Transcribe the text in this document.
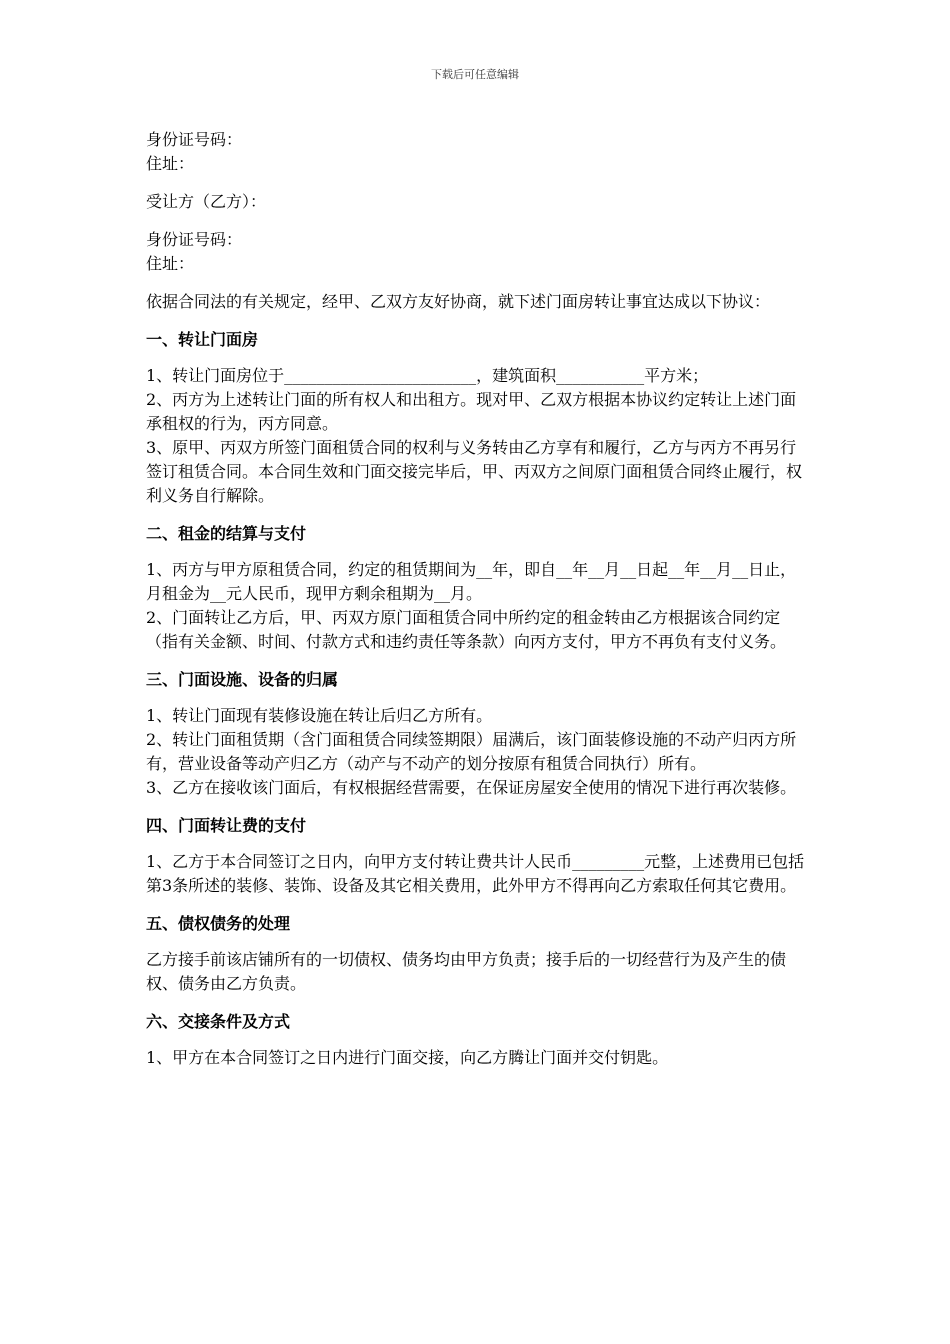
下载后可任意编辑

身份证号码：

住址：

受让方（乙方）：

身份证号码：

住址：

依据合同法的有关规定，经甲、乙双方友好协商，就下述门面房转让事宜达成以下协议：

一、转让门面房

1、转让门面房位于________________________，建筑面积___________平方米；

2、丙方为上述转让门面的所有权人和出租方。现对甲、乙双方根据本协议约定转让上述门面承租权的行为，丙方同意。

3、原甲、丙双方所签门面租赁合同的权利与义务转由乙方享有和履行，乙方与丙方不再另行签订租赁合同。本合同生效和门面交接完毕后，甲、丙双方之间原门面租赁合同终止履行，权利义务自行解除。

二、租金的结算与支付

1、丙方与甲方原租赁合同，约定的租赁期间为__年，即自__年__月__日起__年__月__日止，月租金为__元人民币，现甲方剩余租期为__月。

2、门面转让乙方后，甲、丙双方原门面租赁合同中所约定的租金转由乙方根据该合同约定（指有关金额、时间、付款方式和违约责任等条款）向丙方支付，甲方不再负有支付义务。

三、门面设施、设备的归属

1、转让门面现有装修设施在转让后归乙方所有。

2、转让门面租赁期（含门面租赁合同续签期限）届满后，该门面装修设施的不动产归丙方所有，营业设备等动产归乙方（动产与不动产的划分按原有租赁合同执行）所有。

3、乙方在接收该门面后，有权根据经营需要，在保证房屋安全使用的情况下进行再次装修。

四、门面转让费的支付

1、乙方于本合同签订之日内，向甲方支付转让费共计人民币_________元整，上述费用已包括第3条所述的装修、装饰、设备及其它相关费用，此外甲方不得再向乙方索取任何其它费用。

五、债权债务的处理

乙方接手前该店铺所有的一切债权、债务均由甲方负责；接手后的一切经营行为及产生的债权、债务由乙方负责。

六、交接条件及方式

1、甲方在本合同签订之日内进行门面交接，向乙方腾让门面并交付钥匙。
